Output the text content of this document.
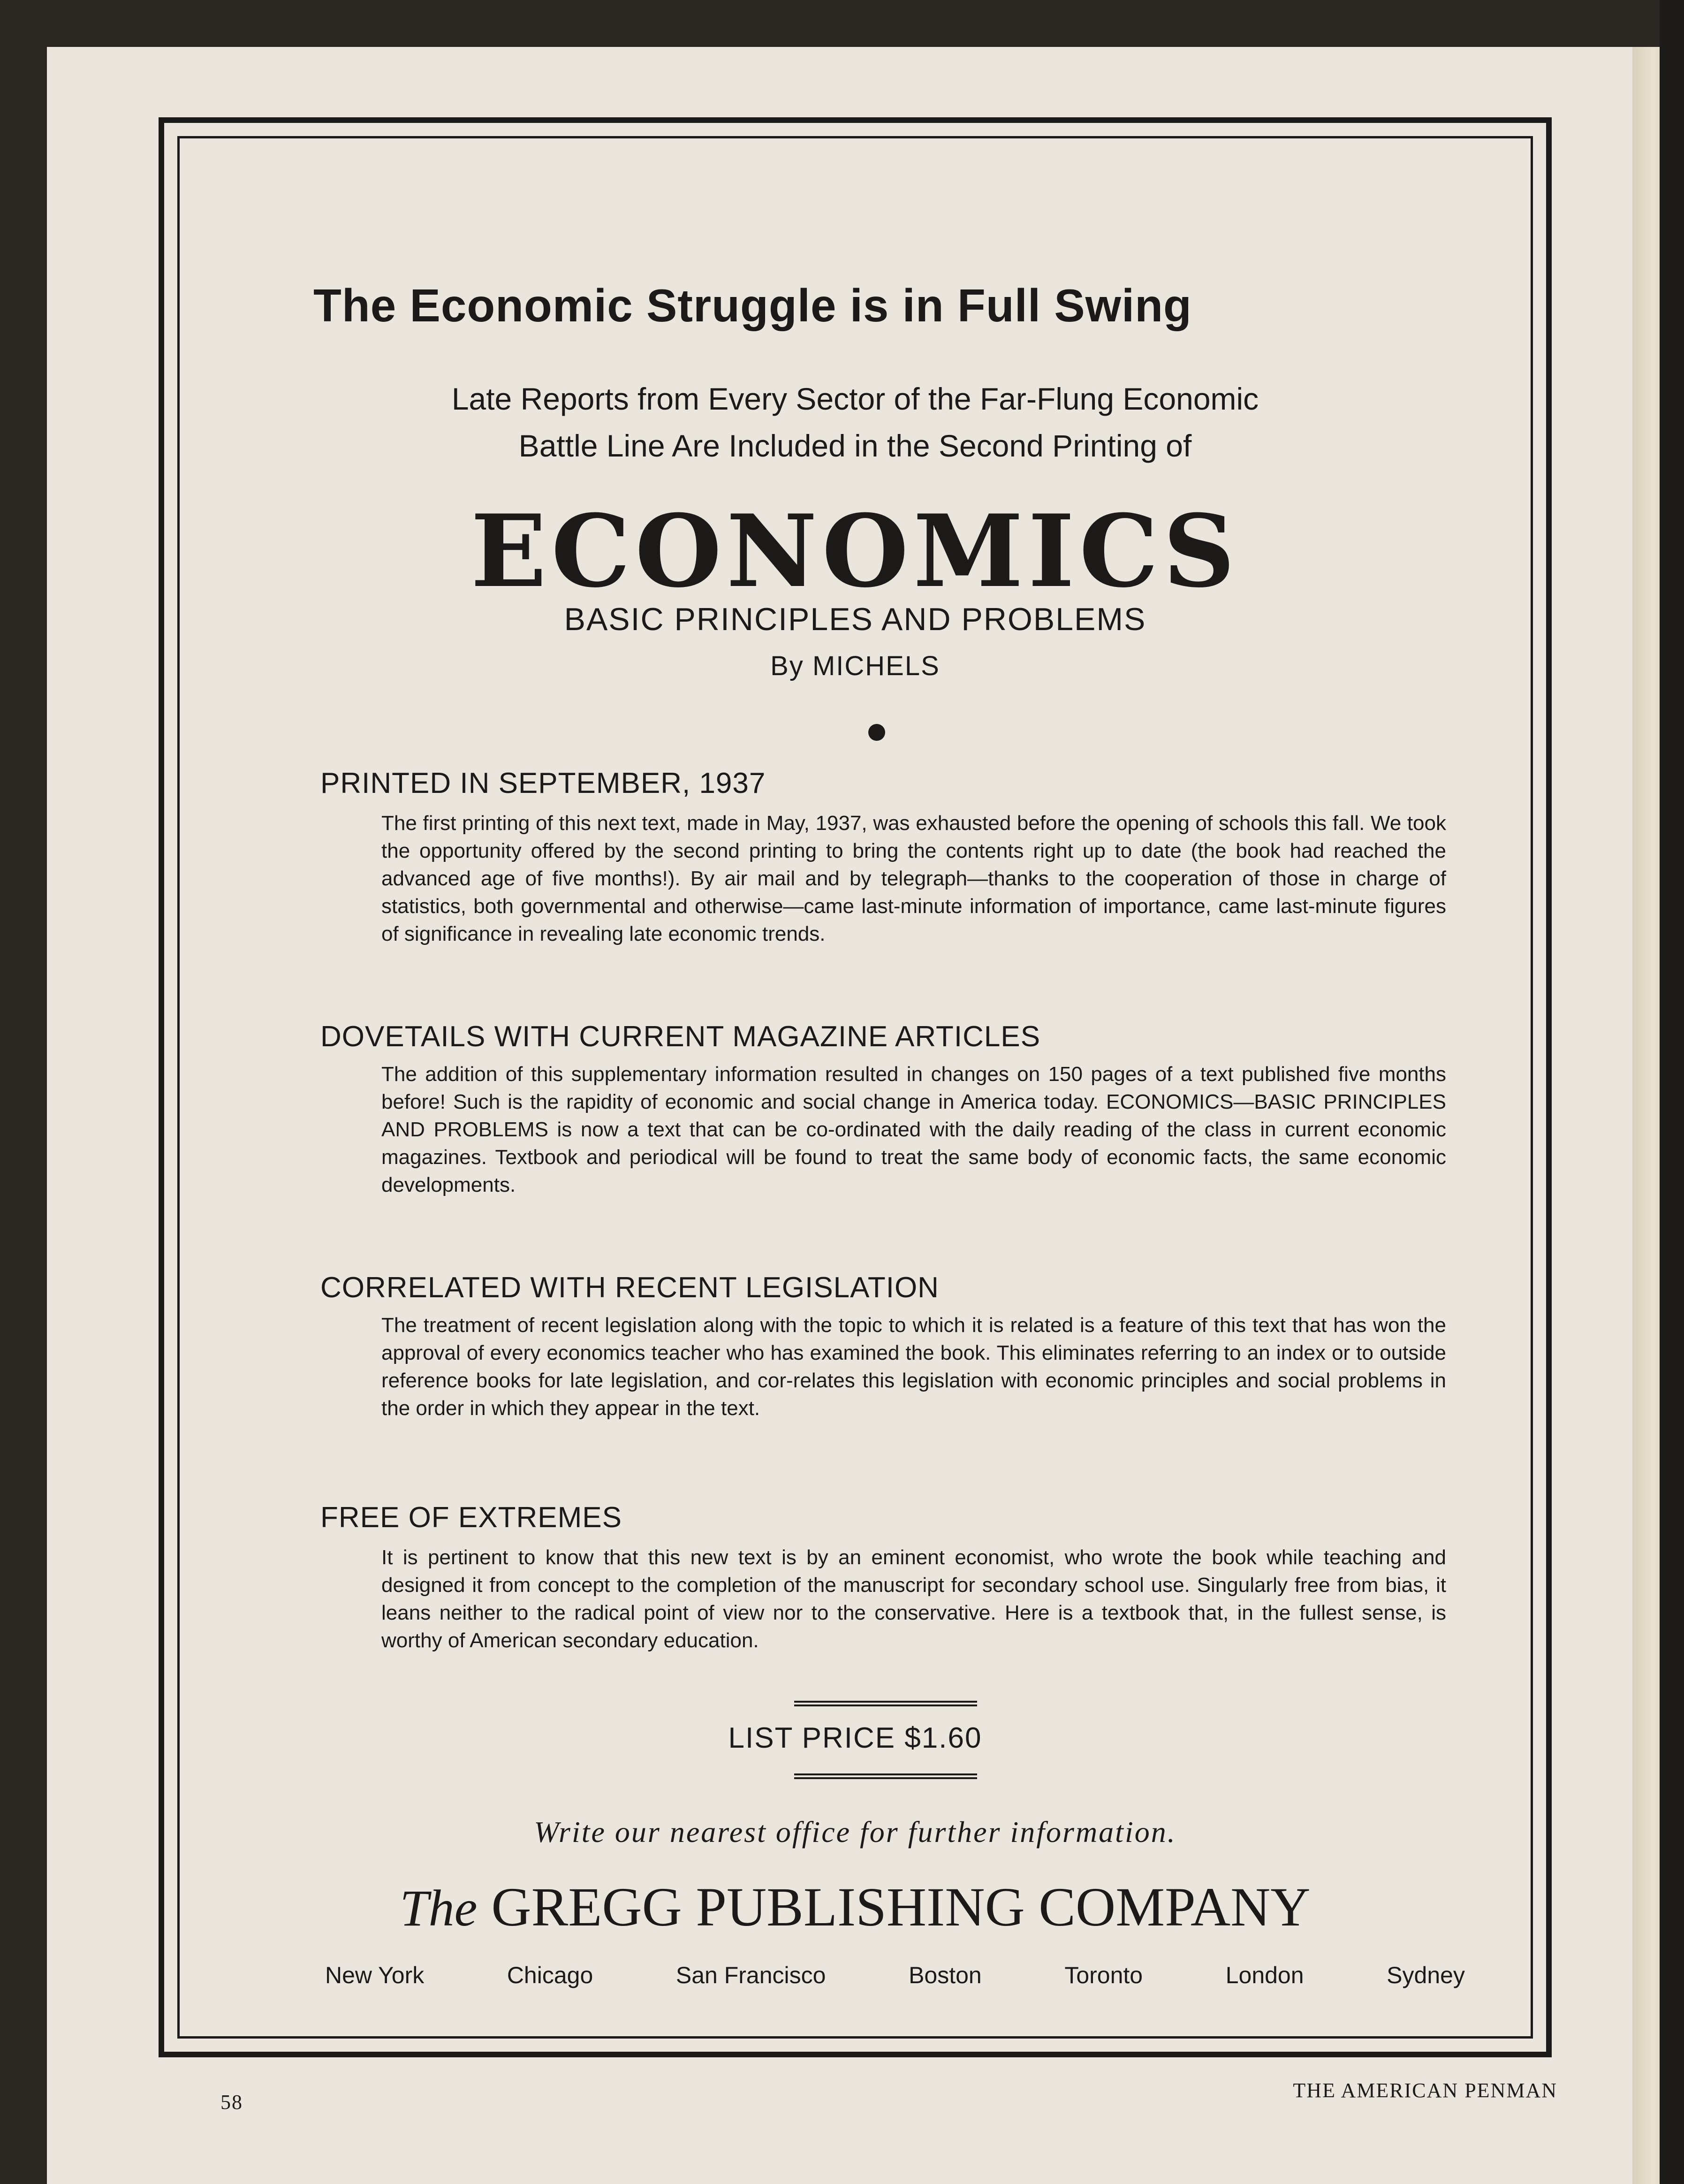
The Economic Struggle is in Full Swing

Late Reports from Every Sector of the Far-Flung Economic

Battle Line Are Included in the Second Printing of

ECONOMICS

BASIC PRINCIPLES AND PROBLEMS

By MICHELS

PRINTED IN SEPTEMBER, 1937

The first printing of this next text, made in May, 1937, was exhausted before the opening of schools this fall. We took the opportunity offered by the second printing to bring the contents right up to date (the book had reached the advanced age of five months!). By air mail and by telegraph—thanks to the cooperation of those in charge of statistics, both governmental and otherwise—came last-minute information of importance, came last-minute figures of significance in revealing late economic trends.

DOVETAILS WITH CURRENT MAGAZINE ARTICLES

The addition of this supplementary information resulted in changes on 150 pages of a text published five months before! Such is the rapidity of economic and social change in America today. ECONOMICS—BASIC PRINCIPLES AND PROBLEMS is now a text that can be co-ordinated with the daily reading of the class in current economic magazines. Textbook and periodical will be found to treat the same body of economic facts, the same economic developments.

CORRELATED WITH RECENT LEGISLATION

The treatment of recent legislation along with the topic to which it is related is a feature of this text that has won the approval of every economics teacher who has examined the book. This eliminates referring to an index or to outside reference books for late legislation, and cor-relates this legislation with economic principles and social problems in the order in which they appear in the text.

FREE OF EXTREMES

It is pertinent to know that this new text is by an eminent economist, who wrote the book while teaching and designed it from concept to the completion of the manuscript for secondary school use. Singularly free from bias, it leans neither to the radical point of view nor to the conservative. Here is a textbook that, in the fullest sense, is worthy of American secondary education.

LIST PRICE $1.60

Write our nearest office for further information.

The GREGG PUBLISHING COMPANY

New York	Chicago	San Francisco	Boston	Toronto	London	Sydney

58

THE AMERICAN PENMAN
